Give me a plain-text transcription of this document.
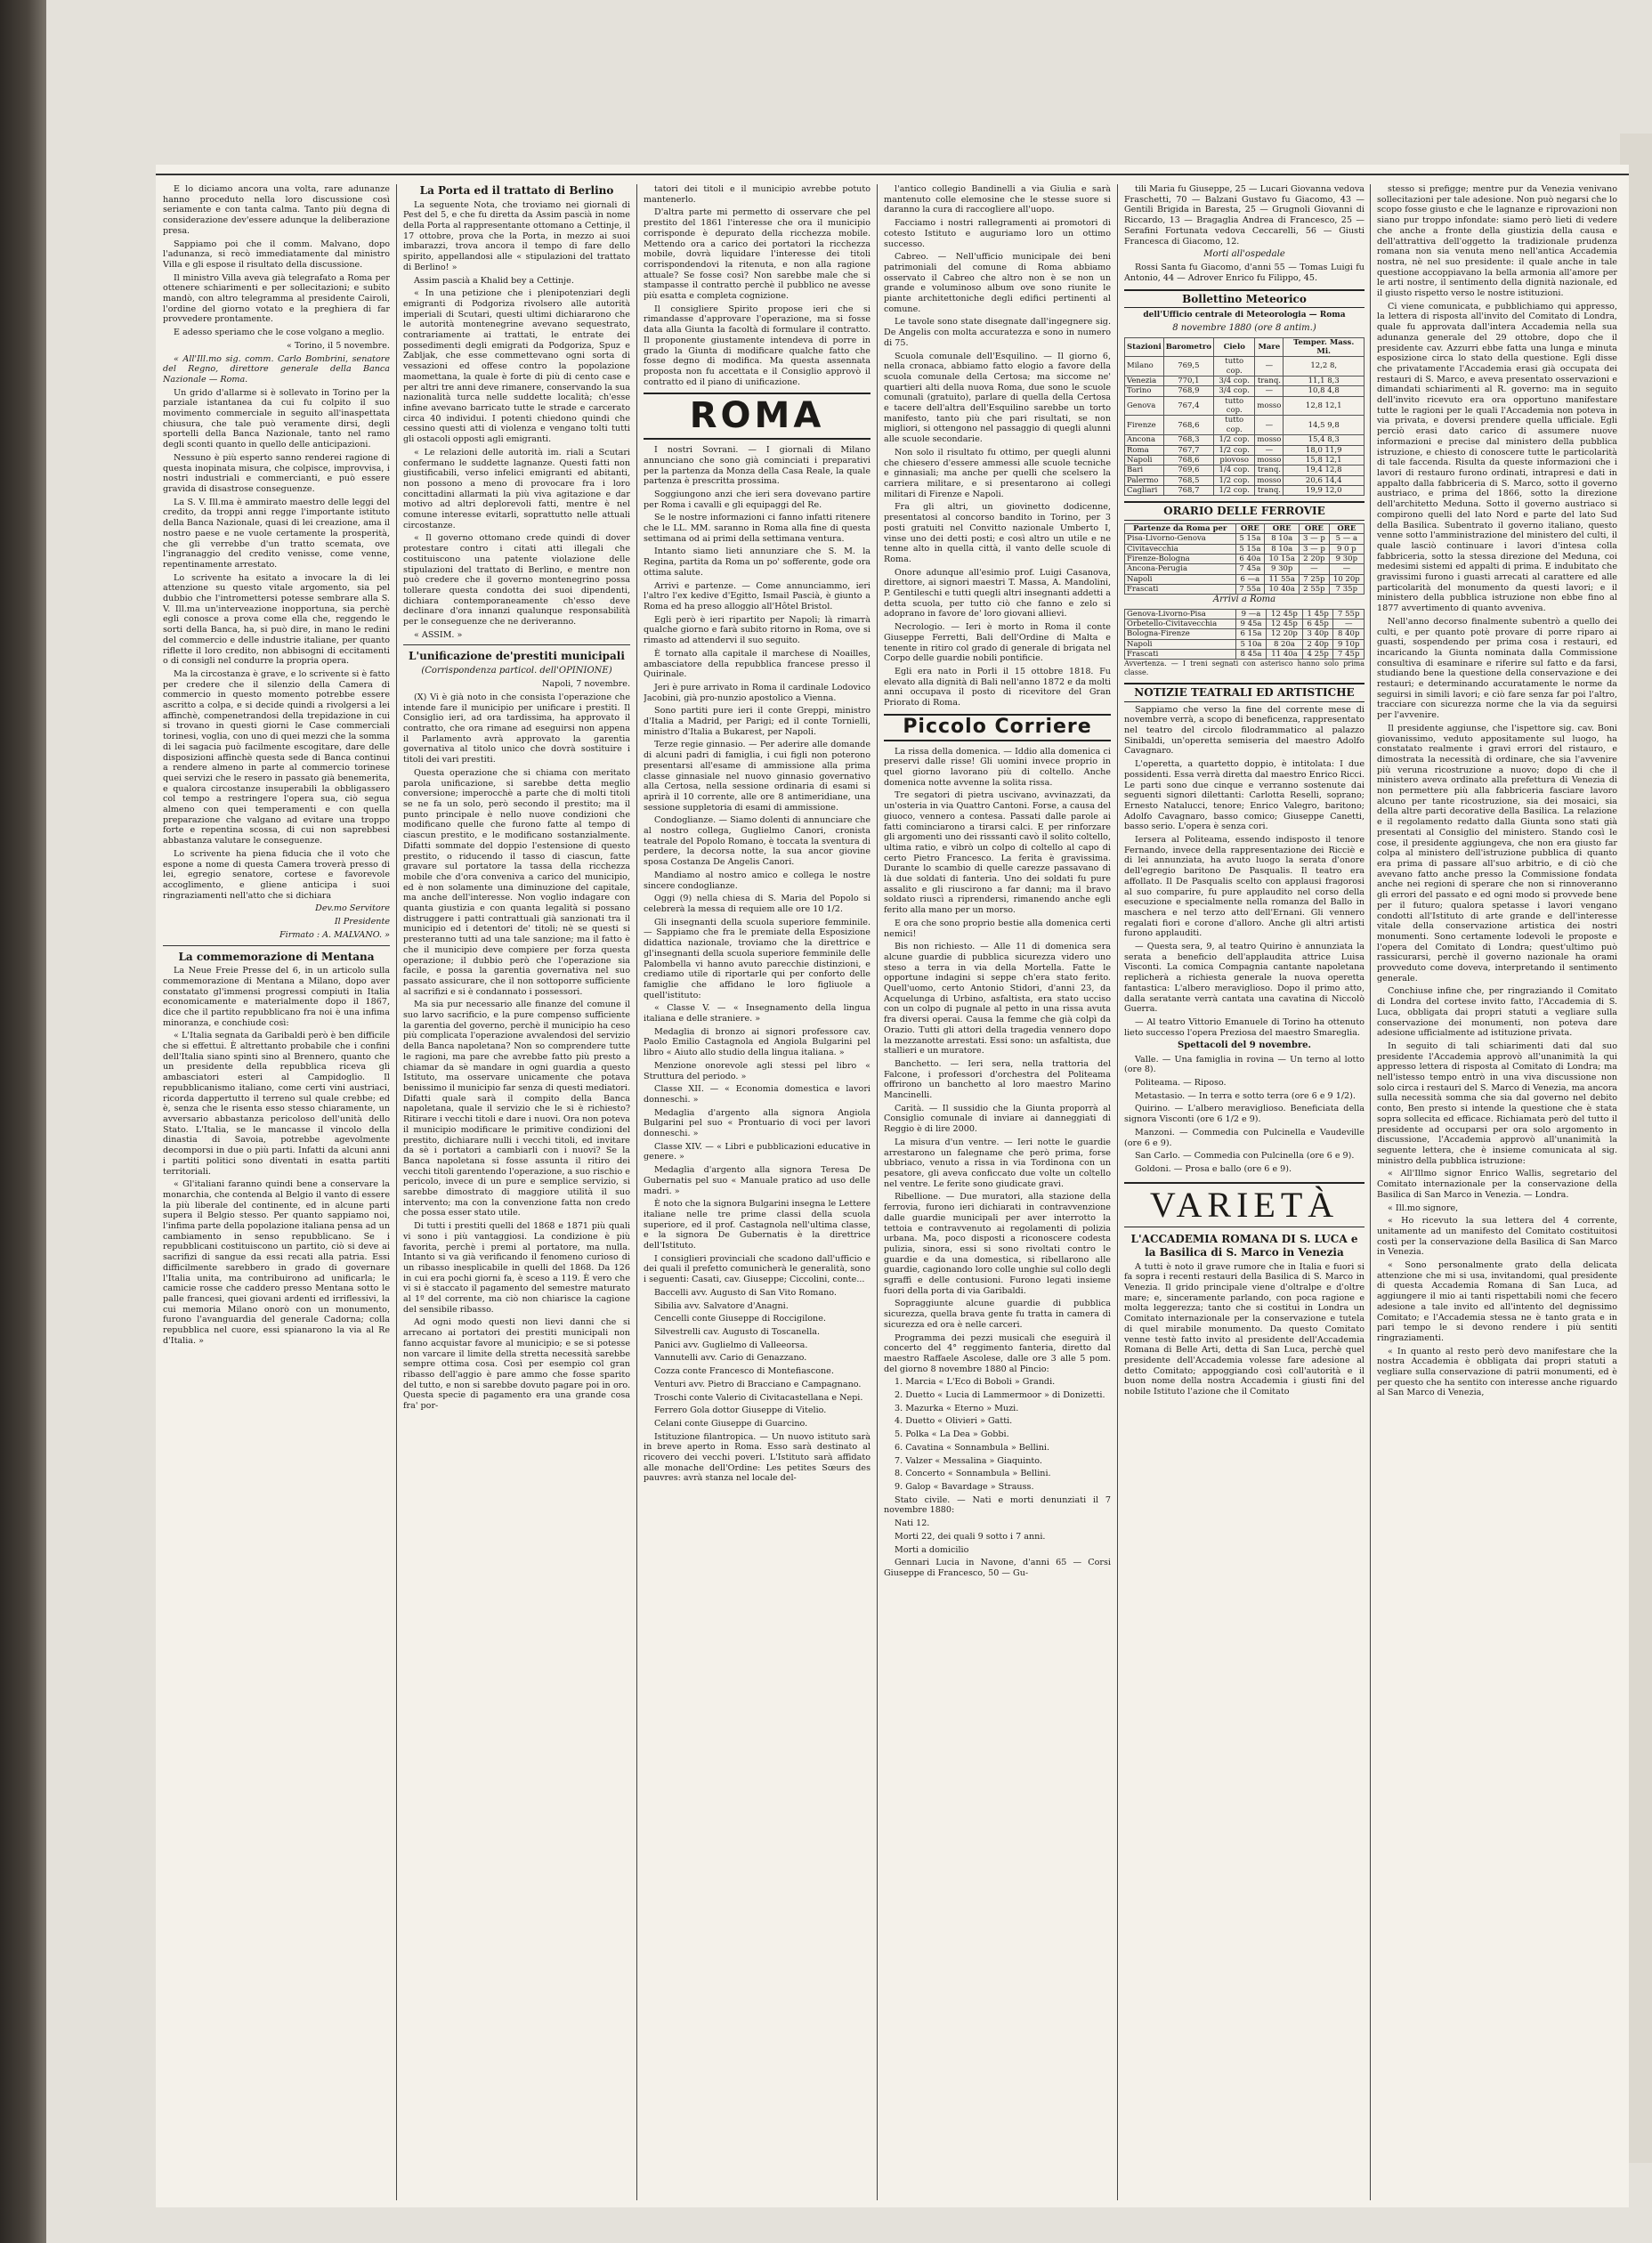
E lo diciamo ancora una volta, rare adunanze hanno proceduto nella loro discussione così seriamente e con tanta calma. Tanto più degna di considerazione dev'essere adunque la deliberazione presa.

Sappiamo poi che il comm. Malvano, dopo l'adunanza, si recò immediatamente dal ministro Villa e gli espose il risultato della discussione.

Il ministro Villa aveva già telegrafato a Roma per ottenere schiarimenti e per sollecitazioni; e subito mandò, con altro telegramma al presidente Cairoli, l'ordine del giorno votato e la preghiera di far provvedere prontamente.

E adesso speriamo che le cose volgano a meglio.

« Torino, il 5 novembre.

« All'Ill.mo sig. comm. Carlo Bombrini, senatore del Regno, direttore generale della Banca Nazionale — Roma.

Un grido d'allarme si è sollevato in Torino per la parziale istantanea da cui fu colpito il suo movimento commerciale in seguito all'inaspettata chiusura, che tale può veramente dirsi, degli sportelli della Banca Nazionale, tanto nel ramo degli sconti quanto in quello delle anticipazioni.

Nessuno è più esperto sanno renderei ragione di questa inopinata misura, che colpisce, improvvisa, i nostri industriali e commercianti, e può essere gravida di disastrose conseguenze.

La S. V. Ill.ma è ammirato maestro delle leggi del credito, da troppi anni regge l'importante istituto della Banca Nazionale, quasi di lei creazione, ama il nostro paese e ne vuole certamente la prosperità, che gli verrebbe d'un tratto scemata, ove l'ingranaggio del credito venisse, come venne, repentinamente arrestato.

Lo scrivente ha esitato a invocare la di lei attenzione su questo vitale argomento, sia pel dubbio che l'intromettersi potesse sembrare alla S. V. Ill.ma un'interveazione inopportuna, sia perchè egli conosce a prova come ella che, reggendo le sorti della Banca, ha, si può dire, in mano le redini del commercio e delle industrie italiane, per quanto riflette il loro credito, non abbisogni di eccitamenti o di consigli nel condurre la propria opera.

Ma la circostanza è grave, e lo scrivente si è fatto per credere che il silenzio della Camera di commercio in questo momento potrebbe essere ascritto a colpa, e si decide quindi a rivolgersi a lei affinchè, compenetrandosi della trepidazione in cui si trovano in questi giorni le Case commerciali torinesi, voglia, con uno di quei mezzi che la somma di lei sagacia può facilmente escogitare, dare delle disposizioni affinchè questa sede di Banca continui a rendere almeno in parte al commercio torinese quei servizi che le resero in passato già benemerita, e qualora circostanze insuperabili la obbligassero col tempo a restringere l'opera sua, ciò segua almeno con quei temperamenti e con quella preparazione che valgano ad evitare una troppo forte e repentina scossa, di cui non saprebbesi abbastanza valutare le conseguenze.

Lo scrivente ha piena fiducia che il voto che espone a nome di questa Camera troverà presso di lei, egregio senatore, cortese e favorevole accoglimento, e gliene anticipa i suoi ringraziamenti nell'atto che si dichiara

Dev.mo Servitore

Il Presidente

Firmato : A. MALVANO. »

La commemorazione di Mentana

La Neue Freie Presse del 6, in un articolo sulla commemorazione di Mentana a Milano, dopo aver constatato gl'immensi progressi compiuti in Italia economicamente e materialmente dopo il 1867, dice che il partito repubblicano fra noi è una infima minoranza, e conchiude così:

« L'Italia segnata da Garibaldi però è ben difficile che si effettui. È altrettanto probabile che i confini dell'Italia siano spinti sino al Brennero, quanto che un presidente della repubblica riceva gli ambasciatori esteri al Campidoglio. Il repubblicanismo italiano, come certi vini austriaci, ricorda dappertutto il terreno sul quale crebbe; ed è, senza che le risenta esso stesso chiaramente, un avversario abbastanza pericoloso dell'unità dello Stato. L'Italia, se le mancasse il vincolo della dinastia di Savoia, potrebbe agevolmente decomporsi in due o più parti. Infatti da alcuni anni i partiti politici sono diventati in esatta partiti territoriali.

« Gl'italiani faranno quindi bene a conservare la monarchia, che contenda al Belgio il vanto di essere la più liberale del continente, ed in alcune parti supera il Belgio stesso. Per quanto sappiamo noi, l'infima parte della popolazione italiana pensa ad un cambiamento in senso repubblicano. Se i repubblicani costituiscono un partito, ciò si deve ai sacrifizi di sangue da essi recati alla patria. Essi difficilmente sarebbero in grado di governare l'Italia unita, ma contribuirono ad unificarla; le camicie rosse che caddero presso Mentana sotto le palle francesi, quei giovani ardenti ed irriflessivi, la cui memoria Milano onorò con un monumento, furono l'avanguardia del generale Cadorna; colla repubblica nel cuore, essi spianarono la via al Re d'Italia. »

La Porta ed il trattato di Berlino

La seguente Nota, che troviamo nei giornali di Pest del 5, e che fu diretta da Assim pascià in nome della Porta al rappresentante ottomano a Cettinje, il 17 ottobre, prova che la Porta, in mezzo ai suoi imbarazzi, trova ancora il tempo di fare dello spirito, appellandosi alle « stipulazioni del trattato di Berlino! »

Assim pascià a Khalid bey a Cettinje.

« In una petizione che i plenipotenziari degli emigranti di Podgoriza rivolsero alle autorità imperiali di Scutari, questi ultimi dichiararono che le autorità montenegrine avevano sequestrato, contrariamente ai trattati, le entrate dei possedimenti degli emigrati da Podgoriza, Spuz e Zabljak, che esse commettevano ogni sorta di vessazioni ed offese contro la popolazione maomettana, la quale è forte di più di cento case e per altri tre anni deve rimanere, conservando la sua nazionalità turca nelle suddette località; ch'esse infine avevano barricato tutte le strade e carcerato circa 40 individui. I potenti chiedono quindi che cessino questi atti di violenza e vengano tolti tutti gli ostacoli opposti agli emigranti.

« Le relazioni delle autorità im. riali a Scutari confermano le suddette lagnanze. Questi fatti non giustificabili, verso infelici emigranti ed abitanti, non possono a meno di provocare fra i loro concittadini allarmati la più viva agitazione e dar motivo ad altri deplorevoli fatti, mentre è nel comune interesse evitarli, soprattutto nelle attuali circostanze.

« Il governo ottomano crede quindi di dover protestare contro i citati atti illegali che costituiscono una patente violazione delle stipulazioni del trattato di Berlino, e mentre non può credere che il governo montenegrino possa tollerare questa condotta dei suoi dipendenti, dichiara contemporaneamente ch'esso deve declinare d'ora innanzi qualunque responsabilità per le conseguenze che ne deriveranno.

« ASSIM. »

L'unificazione de'prestiti municipali

(Corrispondenza particol. dell'OPINIONE)

Napoli, 7 novembre.

(X) Vi è già noto in che consista l'operazione che intende fare il municipio per unificare i prestiti. Il Consiglio ieri, ad ora tardissima, ha approvato il contratto, che ora rimane ad eseguirsi non appena il Parlamento avrà approvato la garentia governativa al titolo unico che dovrà sostituire i titoli dei vari prestiti.

Questa operazione che si chiama con meritato parola unificazione, si sarebbe detta meglio conversione; imperocchè a parte che di molti titoli se ne fa un solo, però secondo il prestito; ma il punto principale è nello nuove condizioni che modificano quelle che furono fatte al tempo di ciascun prestito, e le modificano sostanzialmente. Difatti sommate del doppio l'estensione di questo prestito, o riducendo il tasso di ciascun, fatte gravare sul portatore la tassa della ricchezza mobile che d'ora conveniva a carico del municipio, ed è non solamente una diminuzione del capitale, ma anche dell'interesse. Non voglio indagare con quanta giustizia e con quanta legalità si possano distruggere i patti contrattuali già sanzionati tra il municipio ed i detentori de' titoli; nè se questi si presteranno tutti ad una tale sanzione; ma il fatto è che il municipio deve compiere per forza questa operazione; il dubbio però che l'operazione sia facile, e possa la garentia governativa nel suo passato assicurare, che il non sottoporre sufficiente al sacrifizi e si è condannato i possessori.

Ma sia pur necessario alle finanze del comune il suo larvo sacrificio, e la pure compenso sufficiente la garentia del governo, perchè il municipio ha ceso più complicata l'operazione avvalendosi del servizio della Banca napoletana? Non so comprendere tutte le ragioni, ma pare che avrebbe fatto più presto a chiamar da sè mandare in ogni guardia a questo Istituto, ma osservare unicamente che potava benissimo il municipio far senza di questi mediatori. Difatti quale sarà il compito della Banca napoletana, quale il servizio che le si è richiesto? Ritirare i vecchi titoli e dare i nuovi. Ora non poteva il municipio modificare le primitive condizioni del prestito, dichiarare nulli i vecchi titoli, ed invitare da sè i portatori a cambiarli con i nuovi? Se la Banca napoletana si fosse assunta il ritiro dei vecchi titoli garentendo l'operazione, a suo rischio e pericolo, invece di un pure e semplice servizio, si sarebbe dimostrato di maggiore utilità il suo intervento; ma con la convenzione fatta non credo che possa esser stato utile.

Di tutti i prestiti quelli del 1868 e 1871 più quali vi sono i più vantaggiosi. La condizione è più favorita, perchè i premi al portatore, ma nulla. Intanto si va già verificando il fenomeno curioso di un ribasso inesplicabile in quelli del 1868. Da 126 in cui era pochi giorni fa, è sceso a 119. È vero che vi si è staccato il pagamento del semestre maturato al 1º del corrente, ma ciò non chiarisce la cagione del sensibile ribasso.

Ad ogni modo questi non lievi danni che si arrecano ai portatori dei prestiti municipali non fanno acquistar favore al municipio; e se si potesse non varcare il limite della stretta necessità sarebbe sempre ottima cosa. Così per esempio col gran ribasso dell'aggio è pare ammo che fosse sparito del tutto, e non si sarebbe dovuto pagare poi in oro. Questa specie di pagamento era una grande cosa fra' por-

tatori dei titoli e il municipio avrebbe potuto mantenerlo.

D'altra parte mi permetto di osservare che pel prestito del 1861 l'interesse che ora il municipio corrisponde è depurato della ricchezza mobile. Mettendo ora a carico dei portatori la ricchezza mobile, dovrà liquidare l'interesse dei titoli corrispondendovi la ritenuta, e non alla ragione attuale? Se fosse così? Non sarebbe male che si stampasse il contratto perchè il pubblico ne avesse più esatta e completa cognizione.

Il consigliere Spirito propose ieri che si rimandasse d'approvare l'operazione, ma si fosse data alla Giunta la facoltà di formulare il contratto. Il proponente giustamente intendeva di porre in grado la Giunta di modificare qualche fatto che fosse degno di modifica. Ma questa assennata proposta non fu accettata e il Consiglio approvò il contratto ed il piano di unificazione.

ROMA

I nostri Sovrani. — I giornali di Milano annunciano che sono già cominciati i preparativi per la partenza da Monza della Casa Reale, la quale partenza è prescritta prossima.

Soggiungono anzi che ieri sera dovevano partire per Roma i cavalli e gli equipaggi del Re.

Se le nostre informazioni ci fanno infatti ritenere che le LL. MM. saranno in Roma alla fine di questa settimana od ai primi della settimana ventura.

Intanto siamo lieti annunziare che S. M. la Regina, partita da Roma un po' sofferente, gode ora ottima salute.

Arrivi e partenze. — Come annunciammo, ieri l'altro l'ex kedive d'Egitto, Ismail Pascià, è giunto a Roma ed ha preso alloggio all'Hôtel Bristol.

Egli però è ieri ripartito per Napoli; là rimarrà qualche giorno e farà subito ritorno in Roma, ove si rimasto ad attendervi il suo seguito.

È tornato alla capitale il marchese di Noailles, ambasciatore della repubblica francese presso il Quirinale.

Jeri è pure arrivato in Roma il cardinale Lodovico Jacobini, già pro-nunzio apostolico a Vienna.

Sono partiti pure ieri il conte Greppi, ministro d'Italia a Madrid, per Parigi; ed il conte Tornielli, ministro d'Italia a Bukarest, per Napoli.

Terze regie ginnasio. — Per aderire alle domande di alcuni padri di famiglia, i cui figli non poterono presentarsi all'esame di ammissione alla prima classe ginnasiale nel nuovo ginnasio governativo alla Certosa, nella sessione ordinaria di esami si aprirà il 10 corrente, alle ore 8 antimeridiane, una sessione suppletoria di esami di ammissione.

Condoglianze. — Siamo dolenti di annunciare che al nostro collega, Guglielmo Canori, cronista teatrale del Popolo Romano, è toccata la sventura di perdere, la decorsa notte, la sua ancor giovine sposa Costanza De Angelis Canori.

Mandiamo al nostro amico e collega le nostre sincere condoglianze.

Oggi (9) nella chiesa di S. Maria del Popolo si celebrerà la messa di requiem alle ore 10 1/2.

Gli insegnanti della scuola superiore femminile. — Sappiamo che fra le premiate della Esposizione didattica nazionale, troviamo che la direttrice e gl'insegnanti della scuola superiore femminile delle Palombella vi hanno avuto parecchie distinzioni, e crediamo utile di riportarle qui per conforto delle famiglie che affidano le loro figliuole a quell'istituto:

« Classe V. — « Insegnamento della lingua italiana e delle straniere. »

Medaglia di bronzo ai signori professore cav. Paolo Emilio Castagnola ed Angiola Bulgarini pel libro « Aiuto allo studio della lingua italiana. »

Menzione onorevole agli stessi pel libro « Struttura del periodo. »

Classe XII. — « Economia domestica e lavori donneschi. »

Medaglia d'argento alla signora Angiola Bulgarini pel suo « Prontuario di voci per lavori donneschi. »

Classe XIV. — « Libri e pubblicazioni educative in genere. »

Medaglia d'argento alla signora Teresa De Gubernatis pel suo « Manuale pratico ad uso delle madri. »

È noto che la signora Bulgarini insegna le Lettere italiane nelle tre prime classi della scuola superiore, ed il prof. Castagnola nell'ultima classe, e la signora De Gubernatis è la direttrice dell'Istituto.

I consiglieri provinciali che scadono dall'ufficio e dei quali il prefetto comunicherà le generalità, sono i seguenti: Casati, cav. Giuseppe; Ciccolini, conte...

Baccelli avv. Augusto di San Vito Romano.

Sibilia avv. Salvatore d'Anagni.

Cencelli conte Giuseppe di Roccigilone.

Silvestrelli cav. Augusto di Toscanella.

Panici avv. Guglielmo di Valleeorsa.

Vannutelli avv. Cario di Genazzano.

Cozza conte Francesco di Montefiascone.

Venturi avv. Pietro di Bracciano e Campagnano.

Troschi conte Valerio di Civitacastellana e Nepi.

Ferrero Gola dottor Giuseppe di Vitelio.

Celani conte Giuseppe di Guarcino.

Istituzione filantropica. — Un nuovo istituto sarà in breve aperto in Roma. Esso sarà destinato al ricovero dei vecchi poveri. L'Istituto sarà affidato alle monache dell'Ordine: Les petites Sœurs des pauvres: avrà stanza nel locale del-

l'antico collegio Bandinelli a via Giulia e sarà mantenuto colle elemosine che le stesse suore si daranno la cura di raccogliere all'uopo.

Facciamo i nostri rallegramenti ai promotori di cotesto Istituto e auguriamo loro un ottimo successo.

Cabreo. — Nell'ufficio municipale dei beni patrimoniali del comune di Roma abbiamo osservato il Cabreo che altro non è se non un grande e voluminoso album ove sono riunite le piante architettoniche degli edifici pertinenti al comune.

Le tavole sono state disegnate dall'ingegnere sig. De Angelis con molta accuratezza e sono in numero di 75.

Scuola comunale dell'Esquilino. — Il giorno 6, nella cronaca, abbiamo fatto elogio a favore della scuola comunale della Certosa; ma siccome ne' quartieri alti della nuova Roma, due sono le scuole comunali (gratuito), parlare di quella della Certosa e tacere dell'altra dell'Esquilino sarebbe un torto manifesto, tanto più che pari risultati, se non migliori, si ottengono nel passaggio di quegli alunni alle scuole secondarie.

Non solo il risultato fu ottimo, per quegli alunni che chiesero d'essere ammessi alle scuole tecniche e ginnasiali; ma anche per quelli che scelsero la carriera militare, e si presentarono ai collegi militari di Firenze e Napoli.

Fra gli altri, un giovinetto dodicenne, presentatosi al concorso bandito in Torino, per 3 posti gratuiti nel Convitto nazionale Umberto I, vinse uno dei detti posti; e così altro un utile e ne tenne alto in quella città, il vanto delle scuole di Roma.

Onore adunque all'esimio prof. Luigi Casanova, direttore, ai signori maestri T. Massa, A. Mandolini, P. Gentileschi e tutti quegli altri insegnanti addetti a detta scuola, per tutto ciò che fanno e zelo si adoprano in favore de' loro giovani allievi.

Necrologio. — Ieri è morto in Roma il conte Giuseppe Ferretti, Bali dell'Ordine di Malta e tenente in ritiro col grado di generale di brigata nel Corpo delle guardie nobili pontificie.

Egli era nato in Porli il 15 ottobre 1818. Fu elevato alla dignità di Bali nell'anno 1872 e da molti anni occupava il posto di ricevitore del Gran Priorato di Roma.

Piccolo Corriere

La rissa della domenica. — Iddio alla domenica ci preservi dalle risse! Gli uomini invece proprio in quel giorno lavorano più di coltello. Anche domenica notte avvenne la solita rissa.

Tre segatori di pietra uscivano, avvinazzati, da un'osteria in via Quattro Cantoni. Forse, a causa del giuoco, vennero a contesa. Passati dalle parole ai fatti cominciarono a tirarsi calci. E per rinforzare gli argomenti uno dei risssanti cavò il solito coltello, ultima ratio, e vibrò un colpo di coltello al capo di certo Pietro Francesco. La ferita è gravissima. Durante lo scambio di quelle carezze passavano di là due soldati di fanteria. Uno dei soldati fu pure assalito e gli riuscirono a far danni; ma il bravo soldato riuscì a riprendersi, rimanendo anche egli ferito alla mano per un morso.

E ora che sono proprio bestie alla domenica certi nemici!

Bis non richiesto. — Alle 11 di domenica sera alcune guardie di pubblica sicurezza videro uno steso a terra in via della Mortella. Fatte le opportune indagini si seppe ch'era stato ferito. Quell'uomo, certo Antonio Stidori, d'anni 23, da Acquelunga di Urbino, asfaltista, era stato ucciso con un colpo di pugnale al petto in una rissa avuta fra diversi operai. Causa la femme che già colpì da Orazio. Tutti gli attori della tragedia vennero dopo la mezzanotte arrestati. Essi sono: un asfaltista, due stallieri e un muratore.

Banchetto. — Ieri sera, nella trattoria del Falcone, i professori d'orchestra del Politeama offrirono un banchetto al loro maestro Marino Mancinelli.

Carità. — Il sussidio che la Giunta proporrà al Consiglio comunale di inviare ai danneggiati di Reggio è di lire 2000.

La misura d'un ventre. — Ieri notte le guardie arrestarono un falegname che però prima, forse ubbriaco, venuto a rissa in via Tordinona con un pesatore, gli aveva conficcato due volte un coltello nel ventre. Le ferite sono giudicate gravi.

Ribellione. — Due muratori, alla stazione della ferrovia, furono ieri dichiarati in contravvenzione dalle guardie municipali per aver interrotto la tettoia e contravvenuto ai regolamenti di polizia urbana. Ma, poco disposti a riconoscere codesta pulizia, sinora, essi si sono rivoltati contro le guardie e da una domestica, si ribellarono alle guardie, cagionando loro colle unghie sul collo degli sgraffi e delle contusioni. Furono legati insieme fuori della porta di via Garibaldi.

Sopraggiunte alcune guardie di pubblica sicurezza, quella brava gente fu tratta in camera di sicurezza ed ora è nelle carceri.

Programma dei pezzi musicali che eseguirà il concerto del 4° reggimento fanteria, diretto dal maestro Raffaele Ascolese, dalle ore 3 alle 5 pom. del giorno 8 novembre 1880 al Pincio:

1. Marcia « L'Eco di Boboli » Grandi.

2. Duetto « Lucia di Lammermoor » di Donizetti.

3. Mazurka « Eterno » Muzi.

4. Duetto « Olivieri » Gatti.

5. Polka « La Dea » Gobbi.

6. Cavatina « Sonnambula » Bellini.

7. Valzer « Messalina » Giaquinto.

8. Concerto « Sonnambula » Bellini.

9. Galop « Bavardage » Strauss.

Stato civile. — Nati e morti denunziati il 7 novembre 1880:

Nati 12.

Morti 22, dei quali 9 sotto i 7 anni.

Morti a domicilio

Gennari Lucia in Navone, d'anni 65 — Corsi Giuseppe di Francesco, 50 — Gu-

tili Maria fu Giuseppe, 25 — Lucari Giovanna vedova Fraschetti, 70 — Balzani Gustavo fu Giacomo, 43 — Gentili Brigida in Baresta, 25 — Grugnoli Giovanni di Riccardo, 13 — Bragaglia Andrea di Francesco, 25 — Serafini Fortunata vedova Ceccarelli, 56 — Giusti Francesca di Giacomo, 12.

Morti all'ospedale

Rossi Santa fu Giacomo, d'anni 55 — Tomas Luigi fu Antonio, 44 — Adrover Enrico fu Filippo, 45.

Bollettino Meteorico

dell'Ufficio centrale di Meteorologia — Roma

8 novembre 1880 (ore 8 antim.)

Stazioni	Barometro	Cielo	Mare	Temper. Mass. Mi.
Milano	769,5	tutto cop.	—	12,2 8,
Venezia	770,1	3/4 cop.	tranq.	11,1 8,3
Torino	768,9	3/4 cop.	—	10,8 4,8
Genova	767,4	tutto cop.	mosso	12,8 12,1
Firenze	768,6	tutto cop.	—	14,5 9,8
Ancona	768,3	1/2 cop.	mosso	15,4 8,3
Roma	767,7	1/2 cop.	—	18,0 11,9
Napoli	768,6	piovoso	mosso	15,8 12,1
Bari	769,6	1/4 cop.	tranq.	19,4 12,8
Palermo	768,5	1/2 cop.	mosso	20,6 14,4
Cagliari	768,7	1/2 cop.	tranq.	19,9 12,0
ORARIO DELLE FERROVIE
Partenze da Roma per	ORE	ORE	ORE	ORE
Pisa-Livorno-Genova	5 15a	8 10a	3 — p	5 — a
Civitavecchia	5 15a	8 10a	3 — p	9 0 p
Firenze-Bologna	6 40a	10 15a	2 20p	9 30p
Ancona-Perugia	7 45a	9 30p	—	—
Napoli	6 —a	11 55a	7 25p	10 20p
Frascati	7 55a	10 40a	2 55p	7 35p

Arrivi a Roma

Genova-Livorno-Pisa	9 —a	12 45p	1 45p	7 55p
Orbetello-Civitavecchia	9 45a	12 45p	6 45p	—
Bologna-Firenze	6 15a	12 20p	3 40p	8 40p
Napoli	5 10a	8 20a	2 40p	9 10p
Frascati	8 45a	11 40a	4 25p	7 45p

Avvertenza. — I treni segnati con asterisco hanno solo prima classe.

NOTIZIE TEATRALI ED ARTISTICHE

Sappiamo che verso la fine del corrente mese di novembre verrà, a scopo di beneficenza, rappresentato nel teatro del circolo filodrammatico al palazzo Sinibaldi, un'operetta semiseria del maestro Adolfo Cavagnaro.

L'operetta, a quartetto doppio, è intitolata: I due possidenti. Essa verrà diretta dal maestro Enrico Ricci. Le parti sono due cinque e verranno sostenute dai seguenti signori dilettanti: Carlotta Reselli, soprano; Ernesto Natalucci, tenore; Enrico Valegro, baritono; Adolfo Cavagnaro, basso comico; Giuseppe Canetti, basso serio. L'opera è senza cori.

Iersera al Politeama, essendo indisposto il tenore Fernando, invece della rappresentazione dei Ricciè e di lei annunziata, ha avuto luogo la serata d'onore dell'egregio baritono De Pasqualis. Il teatro era affollato. Il De Pasqualis scelto con applausi fragorosi al suo comparire, fu pure applaudito nel corso della esecuzione e specialmente nella romanza del Ballo in maschera e nel terzo atto dell'Ernani. Gli vennero regalati fiori e corone d'alloro. Anche gli altri artisti furono applauditi.

— Questa sera, 9, al teatro Quirino è annunziata la serata a beneficio dell'applaudita attrice Luisa Visconti. La comica Compagnia cantante napoletana replicherà a richiesta generale la nuova operetta fantastica: L'albero meraviglioso. Dopo il primo atto, dalla seratante verrà cantata una cavatina di Niccolò Guerra.

— Al teatro Vittorio Emanuele di Torino ha ottenuto lieto successo l'opera Preziosa del maestro Smareglia.

Spettacoli del 9 novembre.

Valle. — Una famiglia in rovina — Un terno al lotto (ore 8).

Politeama. — Riposo.

Metastasio. — In terra e sotto terra (ore 6 e 9 1/2).

Quirino. — L'albero meraviglioso. Beneficiata della signora Visconti (ore 6 1/2 e 9).

Manzoni. — Commedia con Pulcinella e Vaudeville (ore 6 e 9).

San Carlo. — Commedia con Pulcinella (ore 6 e 9).

Goldoni. — Prosa e ballo (ore 6 e 9).

VARIETÀ

L'ACCADEMIA ROMANA DI S. LUCA e la Basilica di S. Marco in Venezia

A tutti è noto il grave rumore che in Italia e fuori si fa sopra i recenti restauri della Basilica di S. Marco in Venezia. Il grido principale viene d'oltralpe e d'oltre mare; e, sinceramente parlando, con poca ragione e molta leggerezza; tanto che si costituì in Londra un Comitato internazionale per la conservazione e tutela di quel mirabile monumento. Da questo Comitato venne testè fatto invito al presidente dell'Accademia Romana di Belle Arti, detta di San Luca, perchè quel presidente dell'Accademia volesse fare adesione al detto Comitato; appoggiando così coll'autorità e il buon nome della nostra Accademia i giusti fini del nobile Istituto l'azione che il Comitato

stesso si prefigge; mentre pur da Venezia venivano sollecitazioni per tale adesione. Non può negarsi che lo scopo fosse giusto e che le lagnanze e riprovazioni non siano pur troppo infondate: siamo però lieti di vedere che anche a fronte della giustizia della causa e dell'attrattiva dell'oggetto la tradizionale prudenza romana non sia venuta meno nell'antica Accademia nostra, nè nel suo presidente: il quale anche in tale questione accoppiavano la bella armonia all'amore per le arti nostre, il sentimento della dignità nazionale, ed il giusto rispetto verso le nostre istituzioni.

Ci viene comunicata, e pubblichiamo qui appresso, la lettera di risposta all'invito del Comitato di Londra, quale fu approvata dall'intera Accademia nella sua adunanza generale del 29 ottobre, dopo che il presidente cav. Azzurri ebbe fatta una lunga e minuta esposizione circa lo stato della questione. Egli disse che privatamente l'Accademia erasi già occupata dei restauri di S. Marco, e aveva presentato osservazioni e dimandati schiarimenti al R. governo: ma in seguito dell'invito ricevuto era ora opportuno manifestare tutte le ragioni per le quali l'Accademia non poteva in via privata, e doversi prendere quella ufficiale. Egli perciò erasi dato carico di assumere nuove informazioni e precise dal ministero della pubblica istruzione, e chiesto di conoscere tutte le particolarità di tale faccenda. Risulta da queste informazioni che i lavori di restauro furono ordinati, intrapresi e dati in appalto dalla fabbriceria di S. Marco, sotto il governo austriaco, e prima del 1866, sotto la direzione dell'architetto Meduna. Sotto il governo austriaco si compirono quelli del lato Nord e parte del lato Sud della Basilica. Subentrato il governo italiano, questo venne sotto l'amministrazione del ministero del culti, il quale lasciò continuare i lavori d'intesa colla fabbriceria, sotto la stessa direzione del Meduna, coi medesimi sistemi ed appalti di prima. E indubitato che gravissimi furono i guasti arrecati al carattere ed alle particolarità del monumento da questi lavori; e il ministero della pubblica istruzione non ebbe fino al 1877 avvertimento di quanto avveniva.

Nell'anno decorso finalmente subentrò a quello dei culti, e per quanto potè provare di porre riparo ai guasti, sospendendo per prima cosa i restauri, ed incaricando la Giunta nominata dalla Commissione consultiva di esaminare e riferire sul fatto e da farsi, studiando bene la questione della conservazione e dei restauri; e determinando accuratamente le norme da seguirsi in simili lavori; e ciò fare senza far poi l'altro, tracciare con sicurezza norme che la via da seguirsi per l'avvenire.

Il presidente aggiunse, che l'ispettore sig. cav. Boni giovanissimo, veduto appositamente sul luogo, ha constatato realmente i gravi errori del ristauro, e dimostrata la necessità di ordinare, che sia l'avvenire più veruna ricostruzione a nuovo; dopo di che il ministero aveva ordinato alla prefettura di Venezia di non permettere più alla fabbriceria fasciare lavoro alcuno per tante ricostruzione, sia dei mosaici, sia della altre parti decorative della Basilica. La relazione e il regolamento redatto dalla Giunta sono stati già presentati al Consiglio del ministero. Stando così le cose, il presidente aggiungeva, che non era giusto far colpa al ministero dell'istruzione pubblica di quanto era prima di passare all'suo arbitrio, e di ciò che avevano fatto anche presso la Commissione fondata anche nei regioni di sperare che non si rinnoveranno gli errori del passato e ed ogni modo si provvede bene per il futuro; qualora spetasse i lavori vengano condotti all'Istituto di arte grande e dell'interesse vitale della conservazione artistica dei nostri monumenti. Sono certamente lodevoli le proposte e l'opera del Comitato di Londra; quest'ultimo può rassicurarsi, perchè il governo nazionale ha orami provveduto come doveva, interpretando il sentimento generale.

Conchiuse infine che, per ringraziando il Comitato di Londra del cortese invito fatto, l'Accademia di S. Luca, obbligata dai propri statuti a vegliare sulla conservazione dei monumenti, non poteva dare adesione ufficialmente ad istituzione privata.

In seguito di tali schiarimenti dati dal suo presidente l'Accademia approvò all'unanimità la qui appresso lettera di risposta al Comitato di Londra; ma nell'istesso tempo entrò in una viva discussione non solo circa i restauri del S. Marco di Venezia, ma ancora sulla necessità somma che sia dal governo nel debito conto, Ben presto si intende la questione che è stata sopra sollecita ed efficace. Richiamata però del tutto il presidente ad occuparsi per ora solo argomento in discussione, l'Accademia approvò all'unanimità la seguente lettera, che è insieme comunicata al sig. ministro della pubblica istruzione:

« All'Illmo signor Enrico Wallis, segretario del Comitato internazionale per la conservazione della Basilica di San Marco in Venezia. — Londra.

« Ill.mo signore,

« Ho ricevuto la sua lettera del 4 corrente, unitamente ad un manifesto del Comitato costituitosi costì per la conservazione della Basilica di San Marco in Venezia.

« Sono personalmente grato della delicata attenzione che mi si usa, invitandomi, qual presidente di questa Accademia Romana di San Luca, ad aggiungere il mio ai tanti rispettabili nomi che fecero adesione a tale invito ed all'intento del degnissimo Comitato; e l'Accademia stessa ne è tanto grata e in pari tempo le si devono rendere i più sentiti ringraziamenti.

« In quanto al resto però devo manifestare che la nostra Accademia è obbligata dai propri statuti a vegliare sulla conservazione di patrii monumenti, ed è per questo che ha sentito con interesse anche riguardo al San Marco di Venezia,
